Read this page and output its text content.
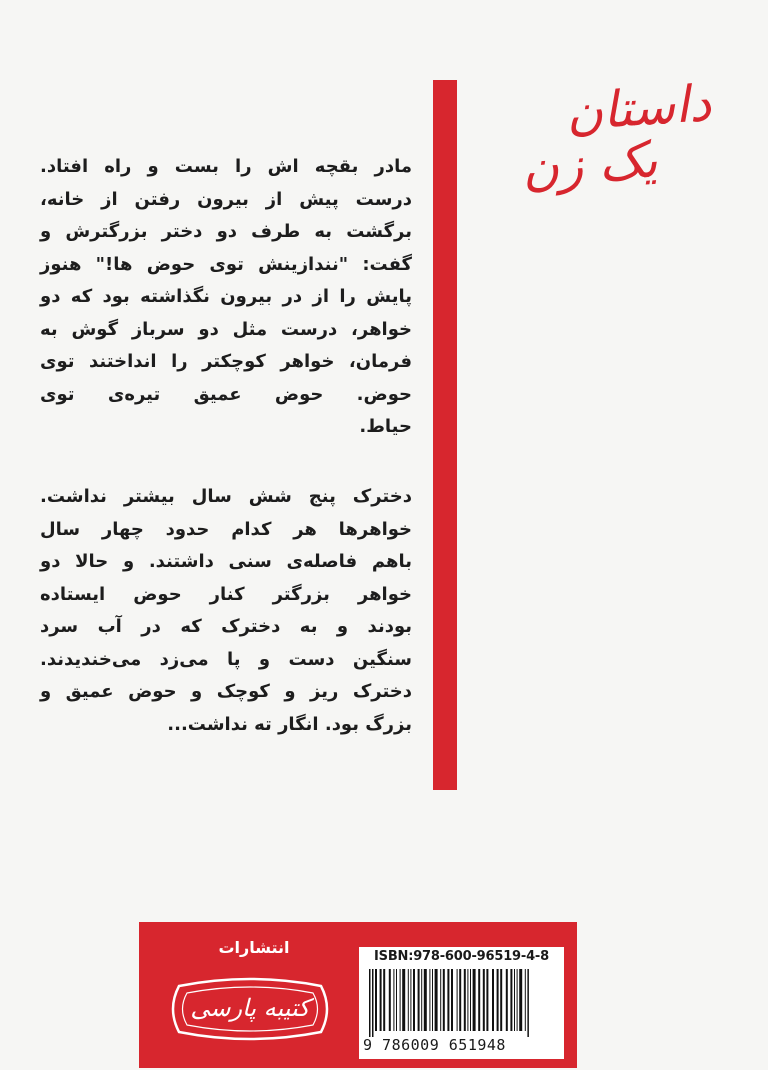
داستان
یک زن
مادر بقچه اش را بست و راه افتاد.
درست پیش از بیرون رفتن از خانه،
برگشت به طرف دو دختر بزرگترش و
گفت: "نندازینش توی حوض ها!" هنوز
پایش را از در بیرون نگذاشته بود که دو
خواهر، درست مثل دو سرباز گوش به
فرمان، خواهر کوچکتر را انداختند توی
حوض. حوض عمیق تیره‌ی توی
حیاط.
دخترک پنج شش سال بیشتر نداشت.
خواهرها هر کدام حدود چهار سال
باهم فاصله‌ی سنی داشتند. و حالا دو
خواهر بزرگتر کنار حوض ایستاده
بودند و به دخترک که در آب سرد
سنگین دست و پا می‌زد می‌خندیدند.
دخترک ریز و کوچک و حوض عمیق و
بزرگ بود. انگار ته نداشت...
انتشارات
کتیبه پارسی
ISBN:978-600-96519-4-8
9 786009 651948
